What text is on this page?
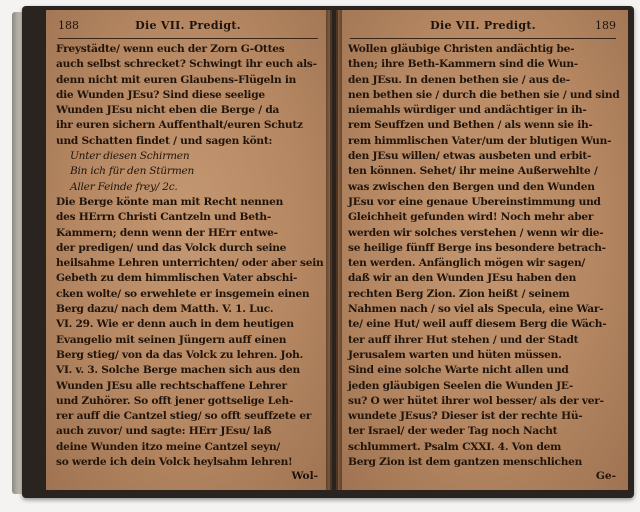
188	Die VII. Predigt.
Freystädte/ wenn euch der Zorn G-Ottes
auch selbst schrecket? Schwingt ihr euch als-
denn nicht mit euren Glaubens-Flügeln in
die Wunden JEsu? Sind diese seelige
Wunden JEsu nicht eben die Berge / da
ihr euren sichern Auffenthalt/euren Schutz
und Schatten findet / und sagen könt:
Unter diesen Schirmen
Bin ich für den Stürmen
Aller Feinde frey/ 2c.
Die Berge könte man mit Recht nennen
des HErrn Christi Cantzeln und Beth-
Kammern; denn wenn der HErr entwe-
der predigen/ und das Volck durch seine
heilsahme Lehren unterrichten/ oder aber sein
Gebeth zu dem himmlischen Vater abschi-
cken wolte/ so erwehlete er insgemein einen
Berg dazu/ nach dem Matth. V. 1. Luc.
VI. 29. Wie er denn auch in dem heutigen
Evangelio mit seinen Jüngern auff einen
Berg stieg/ von da das Volck zu lehren. Joh.
VI. v. 3. Solche Berge machen sich aus den
Wunden JEsu alle rechtschaffene Lehrer
und Zuhörer. So offt jener gottselige Leh-
rer auff die Cantzel stieg/ so offt seuffzete er
auch zuvor/ und sagte: HErr JEsu/ laß
deine Wunden itzo meine Cantzel seyn/
so werde ich dein Volck heylsahm lehren!
Wol-
Die VII. Predigt.	189
Wollen gläubige Christen andächtig be-
then; ihre Beth-Kammern sind die Wun-
den JEsu. In denen bethen sie / aus de-
nen bethen sie / durch die bethen sie / und sind
niemahls würdiger und andächtiger in ih-
rem Seuffzen und Bethen / als wenn sie ih-
rem himmlischen Vater/um der blutigen Wun-
den JEsu willen/ etwas ausbeten und erbit-
ten können. Sehet/ ihr meine Außerwehlte /
was zwischen den Bergen und den Wunden
JEsu vor eine genaue Ubereinstimmung und
Gleichheit gefunden wird! Noch mehr aber
werden wir solches verstehen / wenn wir die-
se heilige fünff Berge ins besondere betrach-
ten werden. Anfänglich mögen wir sagen/
daß wir an den Wunden JEsu haben den
rechten Berg Zion. Zion heißt / seinem
Nahmen nach / so viel als Specula, eine War-
te/ eine Hut/ weil auff diesem Berg die Wäch-
ter auff ihrer Hut stehen / und der Stadt
Jerusalem warten und hüten müssen.
Sind eine solche Warte nicht allen und
jeden gläubigen Seelen die Wunden JE-
su? O wer hütet ihrer wol besser/ als der ver-
wundete JEsus? Dieser ist der rechte Hü-
ter Israel/ der weder Tag noch Nacht
schlummert. Psalm CXXI. 4. Von dem
Berg Zion ist dem gantzen menschlichen
Ge-
